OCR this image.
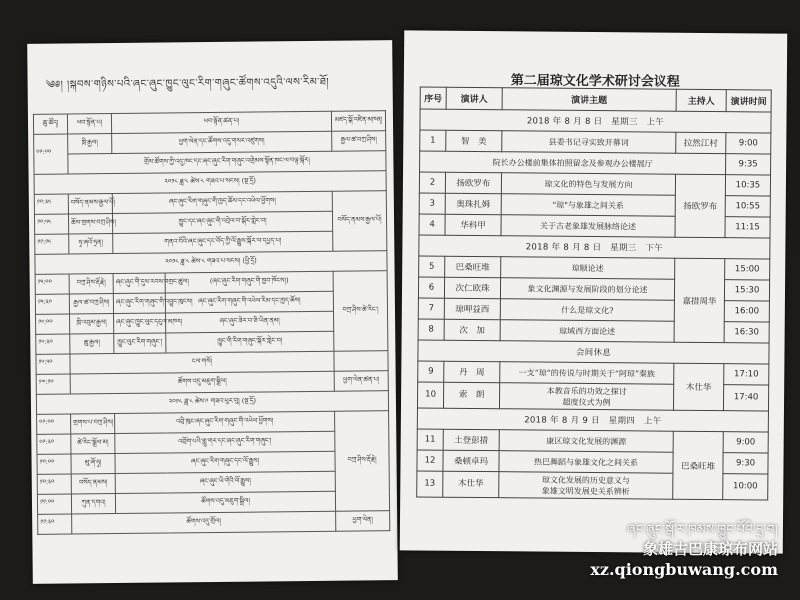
༄༅། །སྐབས་གཉིས་པའི་ཞང་ཞུང་ཁྱུང་ལུང་རིག་གཞུང་ཚོགས་འདུའི་ལས་རིམ་ཐོ།
ཆུ་ཚོད།	ཕབ་སྟོན་པ།	ཕབ་སྟོན་ཚན་པ།		མཛད་སྒོ་འཛིན་མཁན།
༠༩:༠༠	ཁྲི་རྒྱལ།	ཕྱག་ལེན་དང་ཚོགས་འདུ་གསར་འཛུགས།		རྒྱལ་ཚ་བཀྲ་ཤིས།
	གྲོས་ཚོགས་ཀྱི་འདུ་ཁང་དང་ཞང་ཞུང་རིག་གཞུང་འགྲེམས་སྟོན་ཁང་ལ་བལྟ་སྐོར།			
༢༠༡༨ ཟླ་༨ ཚེས་༨ གཟའ་པ་སངས། (སྔ་དྲོ)				
༡༠:༣༥	བསོད་ནམས་རྒྱལ་པོ།	ཞང་ཞུང་རིག་གཞུང་གི་ཁྱད་ཆོས་དང་འཕེལ་ཕྱོགས།		བསོད་ནམས་རྒྱལ་པོ།
༡༠:༥༥	ཆོས་གྲགས་བཀྲ་ཤིས།	ཁྱུང་དང་ཞང་ཞུང་གི་འབྲེལ་བ་སྐོར་གླེང་བ།		
༡༡:༡༥	ཧྭ་ཞའོ་ཧྲན།	གནའ་བོའི་ཞང་ཞུང་དང་བོད་ཀྱི་ལོ་རྒྱུས་སྐོར་ལ་དཔྱད་པ།		
༢༠༡༨ ཟླ་༨ ཚེས་༨ གཟའ་པ་སངས། (ཕྱི་དྲོ)				
༡༥:༠༠	བཀྲ་ཤིས་རྡོ་རྗེ།	ཞང་ཞུང་གི་དུས་རབས་བགྲང་ཚུལ།	(ཞང་ཞུང་རིག་གཞུང་གི་ཁྱབ་ཁོངས།)	བཀྲ་ཤིས་ཚེ་རིང་།
༡༥:༣༠	རྒྱལ་ཚ་བཀྲ་ཤིས།	ཞང་ཞུང་རིག་གཞུང་གི་འབྱུང་ཁུངས།	ཞང་ཞུང་རིག་གཞུང་གི་འཕེལ་རིམ་དང་ཁྱད་ཆོས།	
༡༦:༠༠	ཁྲི་འབུམ་རྒྱལ།	ཞང་ཞུང་ཁྱུང་ལུང་དངུལ་མཁར།	ཞང་ཞུང་ཟེར་བ་ཅི་ཡིན་ནམ།	
༡༦:༣༠	ཆུ་རྒྱལ།	ཁྱུང་ལུང་རིག་གཞུང་།	ཁྱུང་གི་རིག་གཞུང་སྐོར་གླེང་བ།	
༡༦:༥༠	ངལ་གསོ།			
༡༧:༡༠	ཚོགས་འདུ་མཇུག་སྒྲིལ།			ཕྱག་ལེན་ཚན་པ།
༢༠༡༨ ཟླ་༨ ཚེས་༩ གཟའ་ཕུར་བུ། (སྔ་དྲོ)				
༠༩:༠༠	གྲགས་པ་བཀྲ་ཤིས།	འབྲི་ཁུང་ཞང་ཞུང་རིག་གཞུང་གི་འཕེལ་ཕྱོགས།		བཀྲ་ཤིས་རྡོ་རྗེ།
༠༩:༣༠	ཚེ་རིང་སྒྲོལ་མ།	འབྲོག་པའི་གླུ་གར་དང་ཞང་ཞུང་རིག་གཞུང་།		
༡༠:༠༠	མུ་ཞོ་ཧྭ།	ཞང་ཞུང་རིག་གཞུང་དང་ལོ་རྒྱུས།		
༡༠:༣༠	བསོད་ནམས།	ཞང་ཞུང་ཡི་གེའི་ལོ་རྒྱུས།		
༡༡:༠༠	ཀུན་དགའ།	ཚོགས་འདུ་མཇུག་སྒྲིལ།		
༡༡:༣༠	ཚོགས་འདུ་གྲོལ།			ཕྱག་ལེན།
第二届琼文化学术研讨会议程
序号	演讲人	演讲主题	主持人	演讲时间
2018 年 8 月 8 日　星期三　上午				
1	智　美	县委书记寻实致开幕词	拉然江村	9:00
院长办公楼前集体拍照留念及参观办公楼展厅				9:35
2	扬欧罗布	琼文化的特色与发展方向	扬欧罗布	10:35
3	奥珠扎姆	"琼"与象雄之间关系		10:55
4	华科甲	关于古老象雄发展脉络论述		11:15
2018 年 8 月 8 日　星期三　下午				
5	巴桑旺堆	琼顺论述	嘉措周华	15:00
6	次仁欧珠	象文化渊源与发展阶段的划分论述		15:30
7	琼呷益西	什么是琼文化?		16:00
8	次　加	琼域西方面论述		16:30
会间休息				
9	丹　周	一支“琼”的传说与时期关于“阿琼”秦族	木仕华	17:10
10	索　朗	本教音乐的功效之探讨
超度仪式为例		17:40
2018 年 8 月 9 日　星期四　上午				
11	土登彭措	康区琼文化发展的渊源	巴桑旺堆	9:00
12	桑顿卓玛	热巴舞蹈与象雄文化之间关系		9:30
13	木仕华	琼文化发展的历史意义与
象雄文明发展史关系辨析		10:00
ཞང་ཞུང་སྒོ་ར་ཁམས་ཁྱུང་པོའི་དྲ་བ།
象雄古巴康琼布网站
xz.qiongbuwang.com
